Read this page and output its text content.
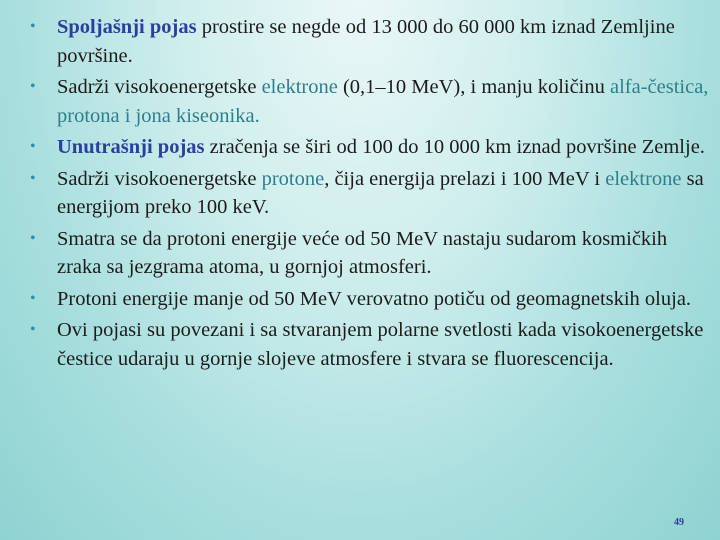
• Spoljašnji pojas prostire se negde od 13 000 do 60 000 km iznad Zemljine površine.
• Sadrži visokoenergetske elektrone (0,1–10 MeV), i manju količinu alfa-čestica, protona i jona kiseonika.
• Unutrašnji pojas zračenja se širi od 100 do 10 000 km iznad površine Zemlje.
• Sadrži visokoenergetske protone, čija energija prelazi i 100 MeV i elektrone sa energijom preko 100 keV.
• Smatra se da protoni energije veće od 50 MeV nastaju sudarom kosmičkih zraka sa jezgrama atoma, u gornjoj atmosferi.
• Protoni energije manje od 50 MeV verovatno potiču od geomagnetskih oluja.
• Ovi pojasi su povezani i sa stvaranjem polarne svetlosti kada visokoenergetske čestice udaraju u gornje slojeve atmosfere i stvara se fluorescencija.
49
